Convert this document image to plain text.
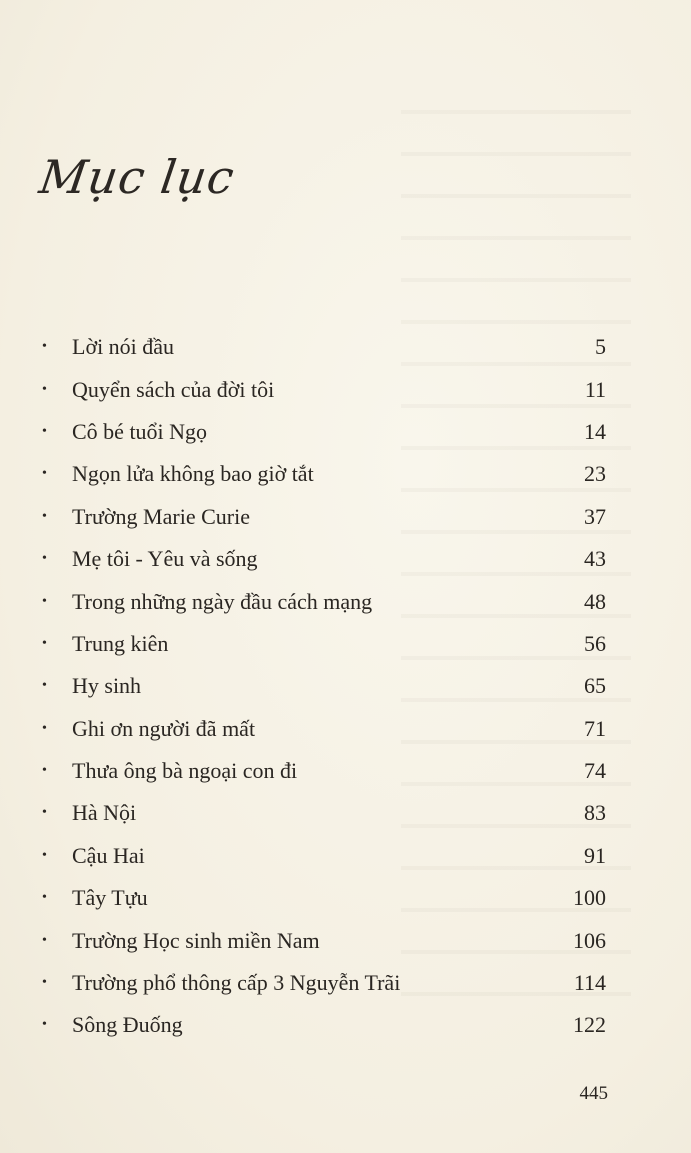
Mục lục
•	Lời nói đầu	5
•	Quyển sách của đời tôi	11
•	Cô bé tuổi Ngọ	14
•	Ngọn lửa không bao giờ tắt	23
•	Trường Marie Curie	37
•	Mẹ tôi - Yêu và sống	43
•	Trong những ngày đầu cách mạng	48
•	Trung kiên	56
•	Hy sinh	65
•	Ghi ơn người đã mất	71
•	Thưa ông bà ngoại con đi	74
•	Hà Nội	83
•	Cậu Hai	91
•	Tây Tựu	100
•	Trường Học sinh miền Nam	106
•	Trường phổ thông cấp 3 Nguyễn Trãi	114
•	Sông Đuống	122
445
